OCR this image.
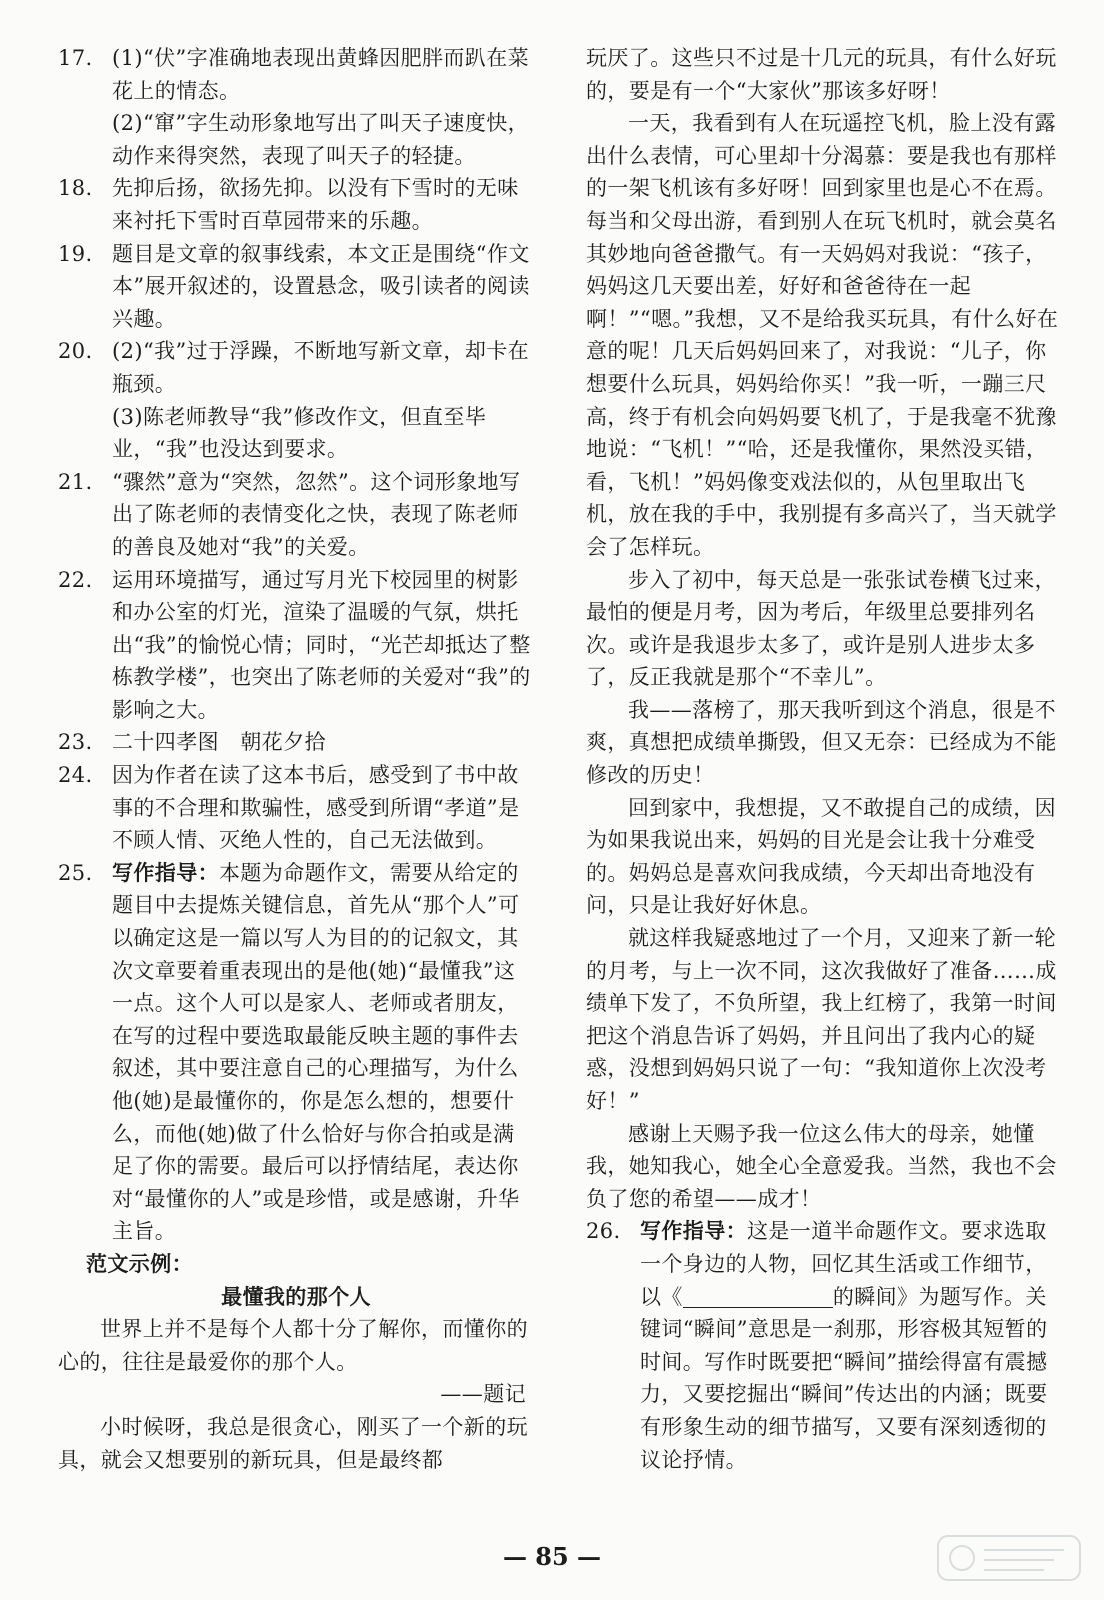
17. (1)“伏”字准确地表现出黄蜂因肥胖而趴在菜花上的情态。
(2)“窜”字生动形象地写出了叫天子速度快，动作来得突然，表现了叫天子的轻捷。
18. 先抑后扬，欲扬先抑。以没有下雪时的无味来衬托下雪时百草园带来的乐趣。
19. 题目是文章的叙事线索，本文正是围绕“作文本”展开叙述的，设置悬念，吸引读者的阅读兴趣。
20. (2)“我”过于浮躁，不断地写新文章，却卡在瓶颈。
(3)陈老师教导“我”修改作文，但直至毕业，“我”也没达到要求。
21. “骤然”意为“突然，忽然”。这个词形象地写出了陈老师的表情变化之快，表现了陈老师的善良及她对“我”的关爱。
22. 运用环境描写，通过写月光下校园里的树影和办公室的灯光，渲染了温暖的气氛，烘托出“我”的愉悦心情；同时，“光芒却抵达了整栋教学楼”，也突出了陈老师的关爱对“我”的影响之大。
23. 二十四孝图　朝花夕拾
24. 因为作者在读了这本书后，感受到了书中故事的不合理和欺骗性，感受到所谓“孝道”是不顾人情、灭绝人性的，自己无法做到。
25. 写作指导：本题为命题作文，需要从给定的题目中去提炼关键信息，首先从“那个人”可以确定这是一篇以写人为目的的记叙文，其次文章要着重表现出的是他(她)“最懂我”这一点。这个人可以是家人、老师或者朋友，在写的过程中要选取最能反映主题的事件去叙述，其中要注意自己的心理描写，为什么他(她)是最懂你的，你是怎么想的，想要什么，而他(她)做了什么恰好与你合拍或是满足了你的需要。最后可以抒情结尾，表达你对“最懂你的人”或是珍惜，或是感谢，升华主旨。
范文示例：
最懂我的那个人
世界上并不是每个人都十分了解你，而懂你的心的，往往是最爱你的那个人。
——题记
小时候呀，我总是很贪心，刚买了一个新的玩具，就会又想要别的新玩具，但是最终都
玩厌了。这些只不过是十几元的玩具，有什么好玩的，要是有一个“大家伙”那该多好呀！
一天，我看到有人在玩遥控飞机，脸上没有露出什么表情，可心里却十分渴慕：要是我也有那样的一架飞机该有多好呀！回到家里也是心不在焉。每当和父母出游，看到别人在玩飞机时，就会莫名其妙地向爸爸撒气。有一天妈妈对我说：“孩子，妈妈这几天要出差，好好和爸爸待在一起啊！”“嗯。”我想，又不是给我买玩具，有什么好在意的呢！几天后妈妈回来了，对我说：“儿子，你想要什么玩具，妈妈给你买！”我一听，一蹦三尺高，终于有机会向妈妈要飞机了，于是我毫不犹豫地说：“飞机！”“哈，还是我懂你，果然没买错，看，飞机！”妈妈像变戏法似的，从包里取出飞机，放在我的手中，我别提有多高兴了，当天就学会了怎样玩。
步入了初中，每天总是一张张试卷横飞过来，最怕的便是月考，因为考后，年级里总要排列名次。或许是我退步太多了，或许是别人进步太多了，反正我就是那个“不幸儿”。
我——落榜了，那天我听到这个消息，很是不爽，真想把成绩单撕毁，但又无奈：已经成为不能修改的历史！
回到家中，我想提，又不敢提自己的成绩，因为如果我说出来，妈妈的目光是会让我十分难受的。妈妈总是喜欢问我成绩，今天却出奇地没有问，只是让我好好休息。
就这样我疑惑地过了一个月，又迎来了新一轮的月考，与上一次不同，这次我做好了准备……成绩单下发了，不负所望，我上红榜了，我第一时间把这个消息告诉了妈妈，并且问出了我内心的疑惑，没想到妈妈只说了一句：“我知道你上次没考好！”
感谢上天赐予我一位这么伟大的母亲，她懂我，她知我心，她全心全意爱我。当然，我也不会负了您的希望——成才！
26. 写作指导：这是一道半命题作文。要求选取一个身边的人物，回忆其生活或工作细节，以《	的瞬间》为题写作。关键词“瞬间”意思是一刹那，形容极其短暂的时间。写作时既要把“瞬间”描绘得富有震撼力，又要挖掘出“瞬间”传达出的内涵；既要有形象生动的细节描写，又要有深刻透彻的议论抒情。
— 85 —
